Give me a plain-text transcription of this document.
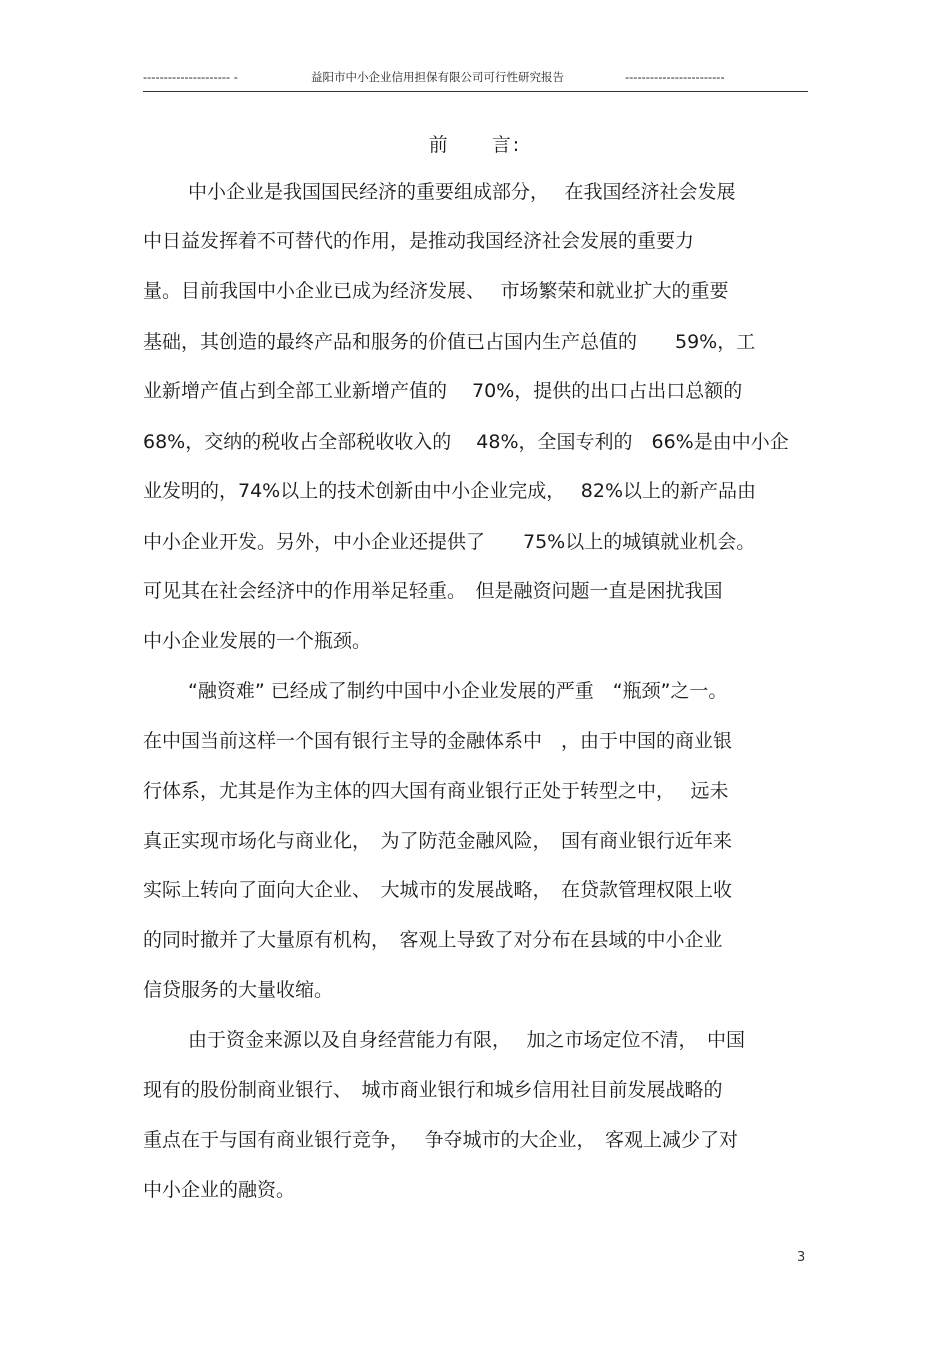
--------------------- -	益阳市中小企业信用担保有限公司可行性研究报告	------------------------
前　　言:
中小企业是我国国民经济的重要组成部分，　 在我国经济社会发展
中日益发挥着不可替代的作用，是推动我国经济社会发展的重要力
量。目前我国中小企业已成为经济发展、　 市场繁荣和就业扩大的重要
基础，其创造的最终产品和服务的价值已占国内生产总值的　　59%，工
业新增产值占到全部工业新增产值的　 70%，提供的出口占出口总额的
68%，交纳的税收占全部税收收入的　 48%，全国专利的　66%是由中小企
业发明的，74%以上的技术创新由中小企业完成，　 82%以上的新产品由
中小企业开发。另外，中小企业还提供了　　75%以上的城镇就业机会。
可见其在社会经济中的作用举足轻重。　但是融资问题一直是困扰我国
中小企业发展的一个瓶颈。
“融资难” 已经成了制约中国中小企业发展的严重　“瓶颈”之一。
在中国当前这样一个国有银行主导的金融体系中　，由于中国的商业银
行体系，尤其是作为主体的四大国有商业银行正处于转型之中，　 远未
真正实现市场化与商业化，　为了防范金融风险，　国有商业银行近年来
实际上转向了面向大企业、　大城市的发展战略，　在贷款管理权限上收
的同时撤并了大量原有机构，　客观上导致了对分布在县域的中小企业
信贷服务的大量收缩。
由于资金来源以及自身经营能力有限，　 加之市场定位不清，　中国
现有的股份制商业银行、　城市商业银行和城乡信用社目前发展战略的
重点在于与国有商业银行竞争，　 争夺城市的大企业，　客观上减少了对
中小企业的融资。
3
